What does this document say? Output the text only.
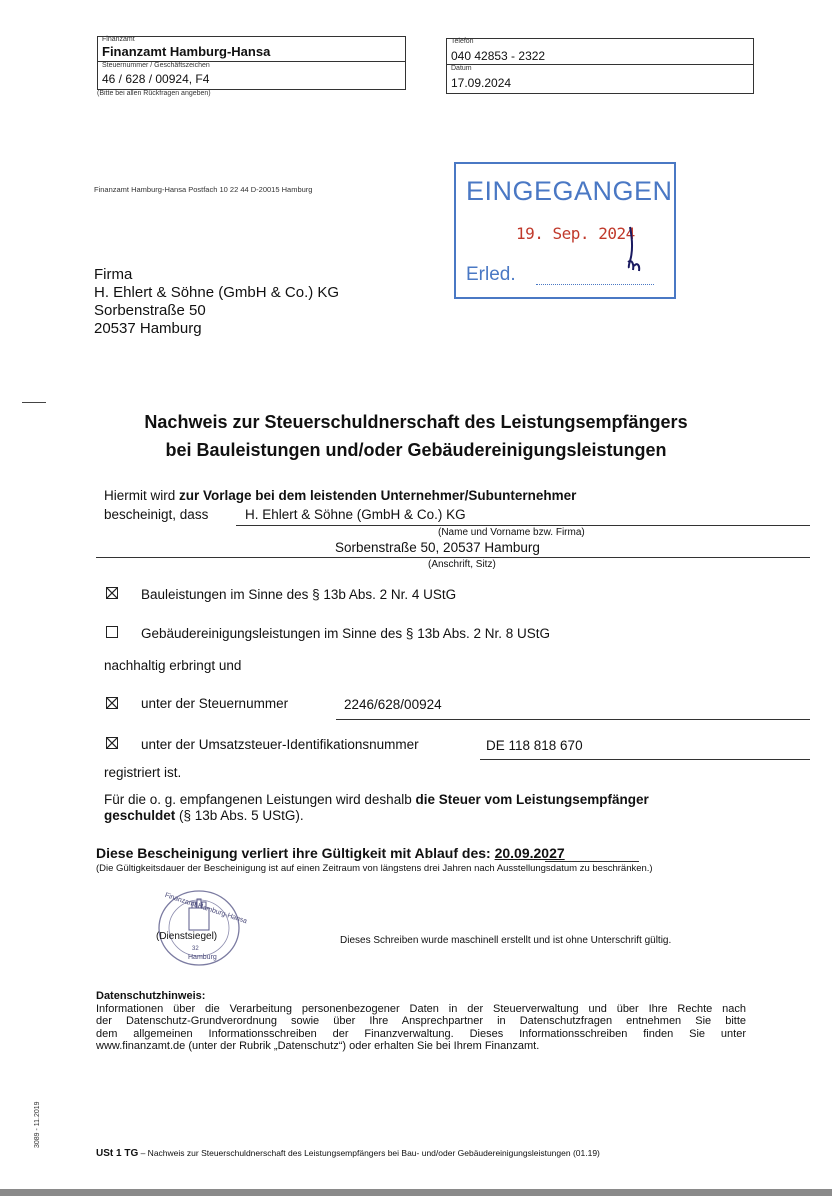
Finanzamt
Finanzamt Hamburg-Hansa
Steuernummer / Geschäftszeichen
46 / 628 / 00924, F4
(Bitte bei allen Rückfragen angeben)
Telefon
040 42853 - 2322
Datum
17.09.2024
Finanzamt Hamburg-Hansa Postfach 10 22 44 D-20015 Hamburg	EINGEGANGEN
19. Sep. 2024
Erled.
Firma
H. Ehlert & Söhne (GmbH & Co.) KG
Sorbenstraße 50
20537 Hamburg
Nachweis zur Steuerschuldnerschaft des Leistungsempfängers
bei Bauleistungen und/oder Gebäudereinigungsleistungen
Hiermit wird zur Vorlage bei dem leistenden Unternehmer/Subunternehmer
bescheinigt, dass	H. Ehlert & Söhne (GmbH & Co.) KG
(Name und Vorname bzw. Firma)
Sorbenstraße 50, 20537 Hamburg
(Anschrift, Sitz)
Bauleistungen im Sinne des § 13b Abs. 2 Nr. 4 UStG
Gebäudereinigungsleistungen im Sinne des § 13b Abs. 2 Nr. 8 UStG
nachhaltig erbringt und
unter der Steuernummer	2246/628/00924
unter der Umsatzsteuer-Identifikationsnummer	DE 118 818 670
registriert ist.
Für die o. g. empfangenen Leistungen wird deshalb die Steuer vom Leistungsempfänger
geschuldet (§ 13b Abs. 5 UStG).
Diese Bescheinigung verliert ihre Gültigkeit mit Ablauf des: 20.09.2027
(Die Gültigkeitsdauer der Bescheinigung ist auf einen Zeitraum von längstens drei Jahren nach Ausstellungsdatum zu beschränken.)
32
Finanzamt Hamburg-Hansa
Hamburg
(Dienstsiegel)	Dieses Schreiben wurde maschinell erstellt und ist ohne Unterschrift gültig.
Datenschutzhinweis:
Informationen über die Verarbeitung personenbezogener Daten in der Steuerverwaltung und über Ihre Rechte nach
der Datenschutz-Grundverordnung sowie über Ihre Ansprechpartner in Datenschutzfragen entnehmen Sie bitte
dem allgemeinen Informationsschreiben der Finanzverwaltung. Dieses Informationsschreiben finden Sie unter
www.finanzamt.de (unter der Rubrik „Datenschutz“) oder erhalten Sie bei Ihrem Finanzamt.
3089 - 11.2019
USt 1 TG – Nachweis zur Steuerschuldnerschaft des Leistungsempfängers bei Bau- und/oder Gebäudereinigungsleistungen (01.19)
